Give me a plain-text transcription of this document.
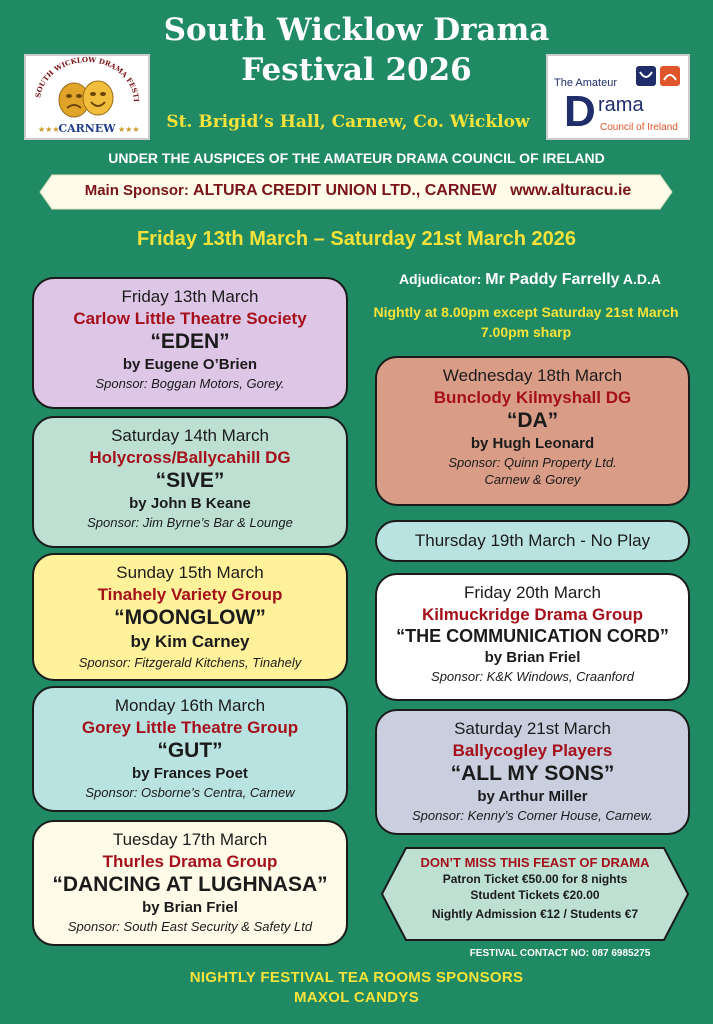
South Wicklow Drama
Festival 2026
SOUTH WICKLOW DRAMA FESTI
CARNEW
★★★	★★★
The Amateur
D rama
Council of Ireland
St. Brigid’s Hall, Carnew, Co. Wicklow
UNDER THE AUSPICES OF THE AMATEUR DRAMA COUNCIL OF IRELAND
Main Sponsor: ALTURA CREDIT UNION LTD., CARNEW www.alturacu.ie
Friday 13th March – Saturday 21st March 2026
Friday 13th March
Carlow Little Theatre Society
“EDEN”
by Eugene O’Brien
Sponsor: Boggan Motors, Gorey.
Saturday 14th March
Holycross/Ballycahill DG
“SIVE”
by John B Keane
Sponsor: Jim Byrne’s Bar & Lounge
Sunday 15th March
Tinahely Variety Group
“MOONGLOW”
by Kim Carney
Sponsor: Fitzgerald Kitchens, Tinahely
Monday 16th March
Gorey Little Theatre Group
“GUT”
by Frances Poet
Sponsor: Osborne’s Centra, Carnew
Tuesday 17th March
Thurles Drama Group
“DANCING AT LUGHNASA”
by Brian Friel
Sponsor: South East Security & Safety Ltd
Adjudicator: Mr Paddy Farrelly A.D.A
Nightly at 8.00pm except Saturday 21st March 7.00pm sharp
Wednesday 18th March
Bunclody Kilmyshall DG
“DA”
by Hugh Leonard
Sponsor: Quinn Property Ltd.
Carnew & Gorey
Thursday 19th March - No Play
Friday 20th March
Kilmuckridge Drama Group
“THE COMMUNICATION CORD”
by Brian Friel
Sponsor: K&K Windows, Craanford
Saturday 21st March
Ballycogley Players
“ALL MY SONS”
by Arthur Miller
Sponsor: Kenny’s Corner House, Carnew.
DON’T MISS THIS FEAST OF DRAMA
Patron Ticket €50.00 for 8 nights
Student Tickets €20.00
Nightly Admission €12 / Students €7
FESTIVAL CONTACT NO: 087 6985275
NIGHTLY FESTIVAL TEA ROOMS SPONSORS
MAXOL CANDYS
